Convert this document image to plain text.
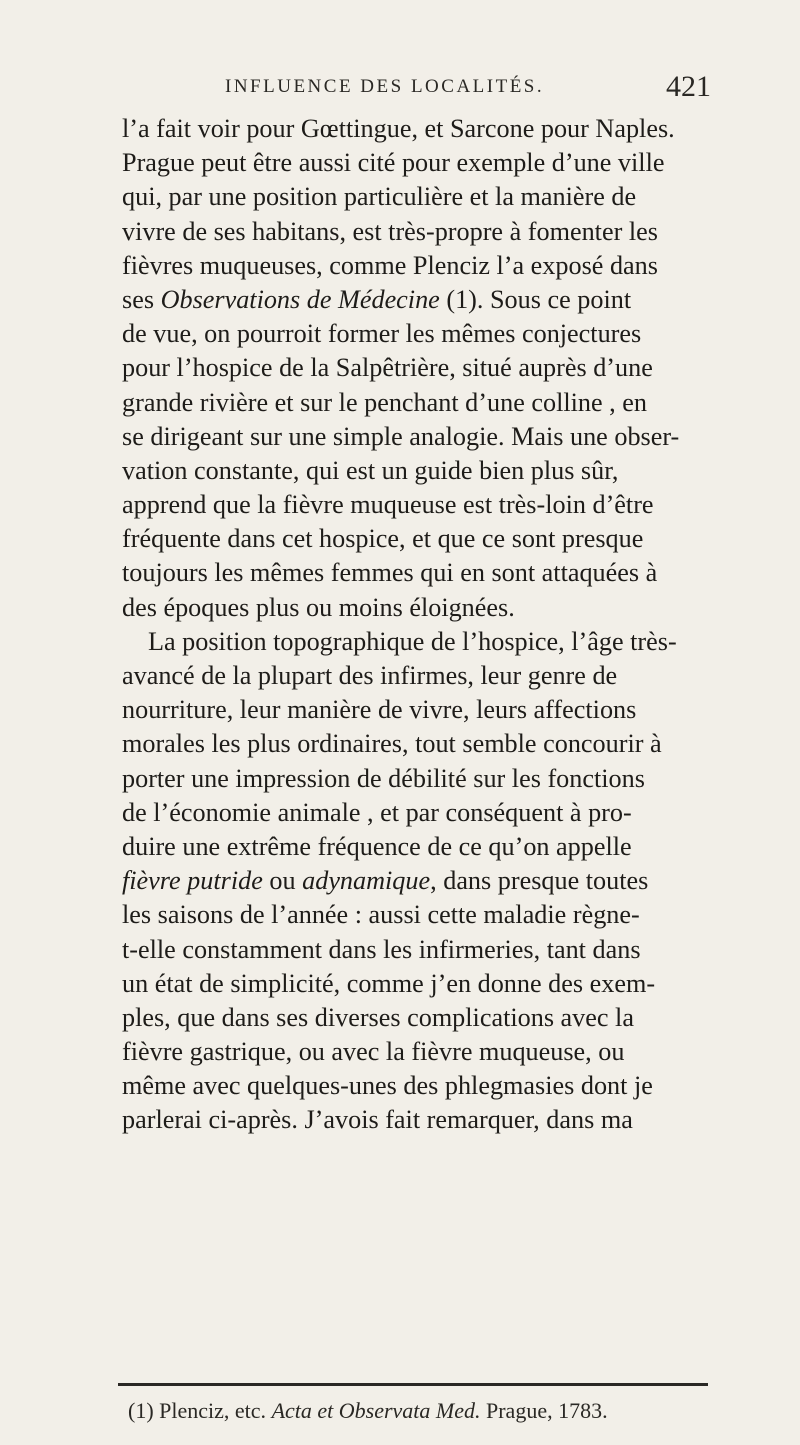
INFLUENCE DES LOCALITÉS.	421
l’a fait voir pour Gœttingue, et Sarcone pour Naples.
Prague peut être aussi cité pour exemple d’une ville
qui, par une position particulière et la manière de
vivre de ses habitans, est très-propre à fomenter les
fièvres muqueuses, comme Plenciz l’a exposé dans
ses Observations de Médecine (1). Sous ce point
de vue, on pourroit former les mêmes conjectures
pour l’hospice de la Salpêtrière, situé auprès d’une
grande rivière et sur le penchant d’une colline , en
se dirigeant sur une simple analogie. Mais une obser-
vation constante, qui est un guide bien plus sûr,
apprend que la fièvre muqueuse est très-loin d’être
fréquente dans cet hospice, et que ce sont presque
toujours les mêmes femmes qui en sont attaquées à
des époques plus ou moins éloignées.
La position topographique de l’hospice, l’âge très-
avancé de la plupart des infirmes, leur genre de
nourriture, leur manière de vivre, leurs affections
morales les plus ordinaires, tout semble concourir à
porter une impression de débilité sur les fonctions
de l’économie animale , et par conséquent à pro-
duire une extrême fréquence de ce qu’on appelle
fièvre putride ou adynamique, dans presque toutes
les saisons de l’année : aussi cette maladie règne-
t-elle constamment dans les infirmeries, tant dans
un état de simplicité, comme j’en donne des exem-
ples, que dans ses diverses complications avec la
fièvre gastrique, ou avec la fièvre muqueuse, ou
même avec quelques-unes des phlegmasies dont je
parlerai ci-après. J’avois fait remarquer, dans ma
(1) Plenciz, etc. Acta et Observata Med. Prague, 1783.
